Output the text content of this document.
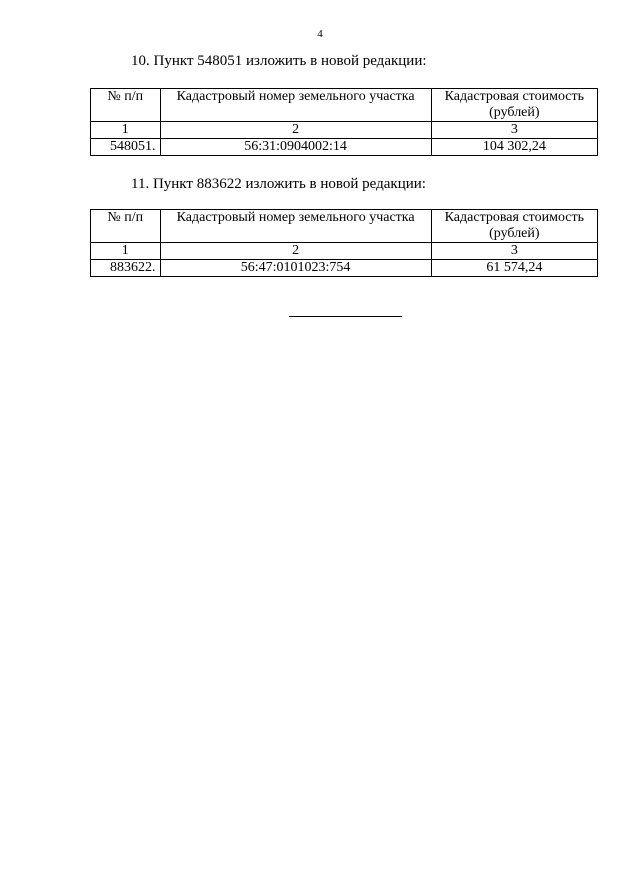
4
10. Пункт 548051 изложить в новой редакции:
№ п/п	Кадастровый номер земельного участка	Кадастровая стоимость
(рублей)

1	2	3
548051.	56:31:0904002:14	104 302,24
11. Пункт 883622 изложить в новой редакции:
№ п/п	Кадастровый номер земельного участка	Кадастровая стоимость
(рублей)

1	2	3
883622.	56:47:0101023:754	61 574,24
